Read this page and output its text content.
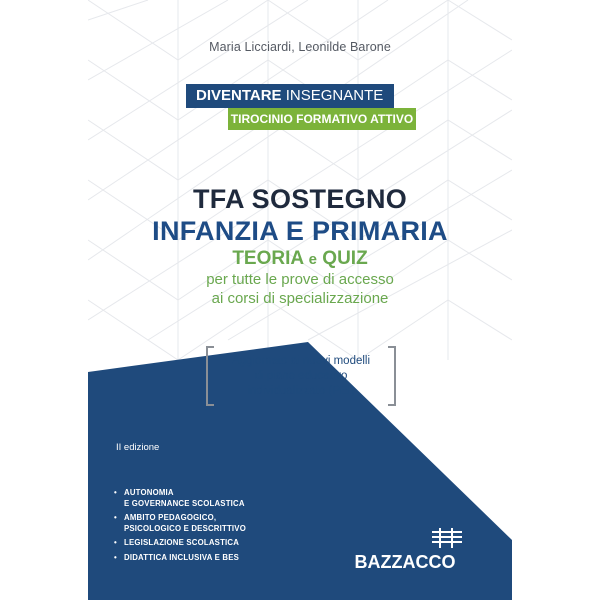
Maria Licciardi, Leonilde Barone
DIVENTARE INSEGNANTE
TIROCINIO FORMATIVO ATTIVO
TFA SOSTEGNO
INFANZIA E PRIMARIA
TEORIA e QUIZ
per tutte le prove di accesso
ai corsi di specializzazione
Aggiornato ai nuovi modelli
di piano educativo
individualizzato (PEI)
II edizione
• AUTONOMIA
E GOVERNANCE SCOLASTICA
• AMBITO PEDAGOGICO,
PSICOLOGICO E DESCRITTIVO
• LEGISLAZIONE SCOLASTICA
• DIDATTICA INCLUSIVA E BES	BAZZACCO
